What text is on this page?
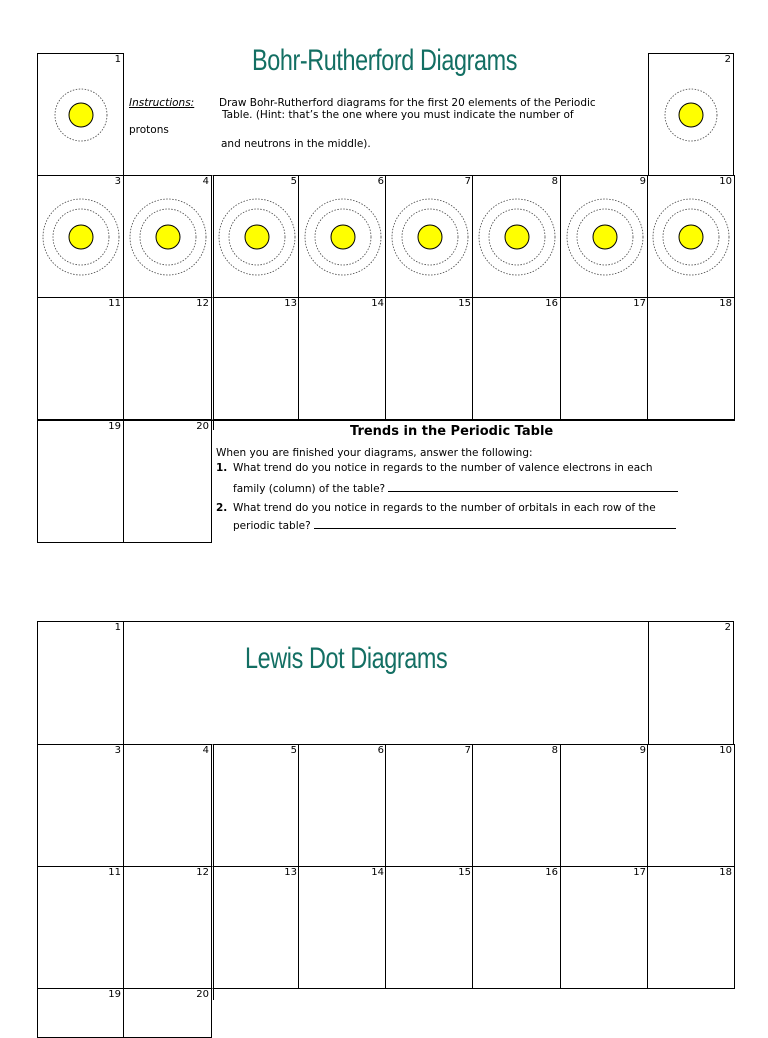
Bohr-Rutherford Diagrams
1	2
Instructions: Draw Bohr-Rutherford diagrams for the first 20 elements of the Periodic
Table. (Hint: that’s the one where you must indicate the number of
protons
and neutrons in the middle).
3	4	5	6	7	8	9	10
11	12	13	14	15	16	17	18
19	20	Trends in the Periodic Table
When you are finished your diagrams, answer the following:
1. What trend do you notice in regards to the number of valence electrons in each
family (column) of the table?
2. What trend do you notice in regards to the number of orbitals in each row of the
periodic table?
Lewis Dot Diagrams
1	2
3	4	5	6	7	8	9	10
11	12	13	14	15	16	17	18
19	20
